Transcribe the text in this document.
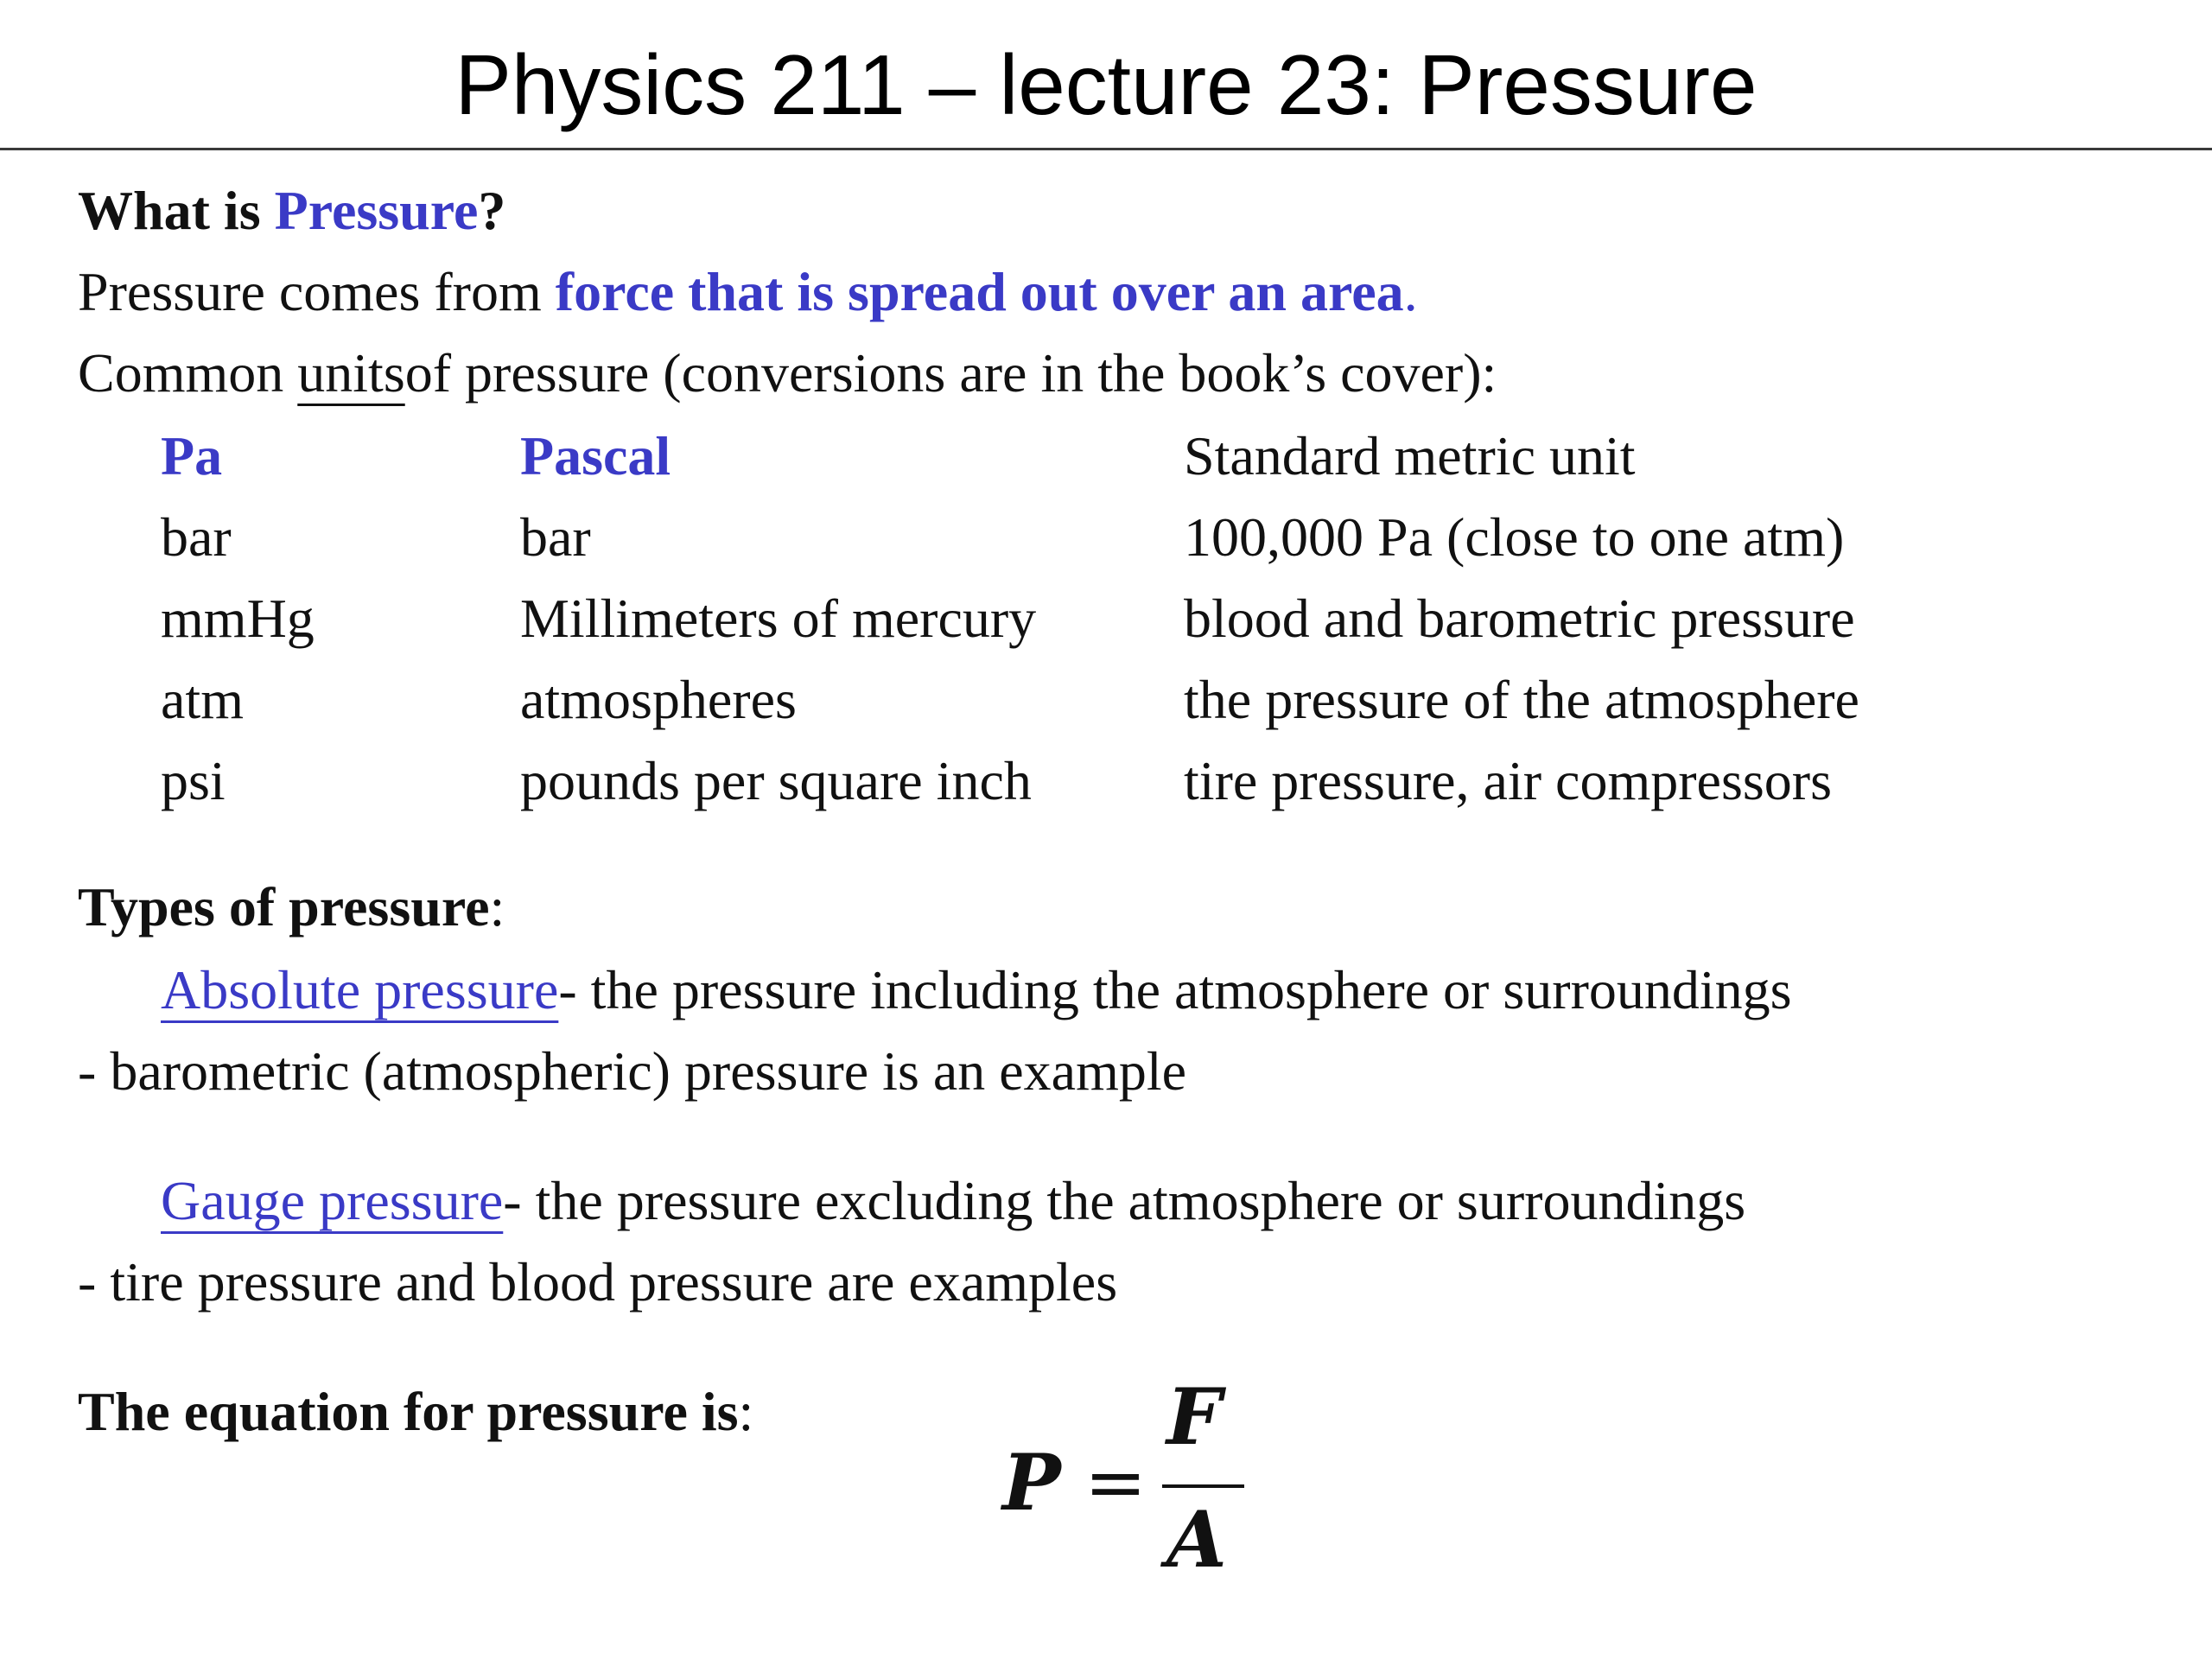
Physics 211 – lecture 23: Pressure
What is Pressure?
Pressure comes from force that is spread out over an area.
Common unitsof pressure (conversions are in the book’s cover):
Pa	Pascal	Standard metric unit
bar	bar	100,000 Pa (close to one atm)
mmHg	Millimeters of mercury	blood and barometric pressure
atm	atmospheres	the pressure of the atmosphere
psi	pounds per square inch	tire pressure, air compressors
Types of pressure:
Absolute pressure- the pressure including the atmosphere or surroundings
- barometric (atmospheric) pressure is an example
Gauge pressure- the pressure excluding the atmosphere or surroundings
- tire pressure and blood pressure are examples
The equation for pressure is:
P =
F
A
